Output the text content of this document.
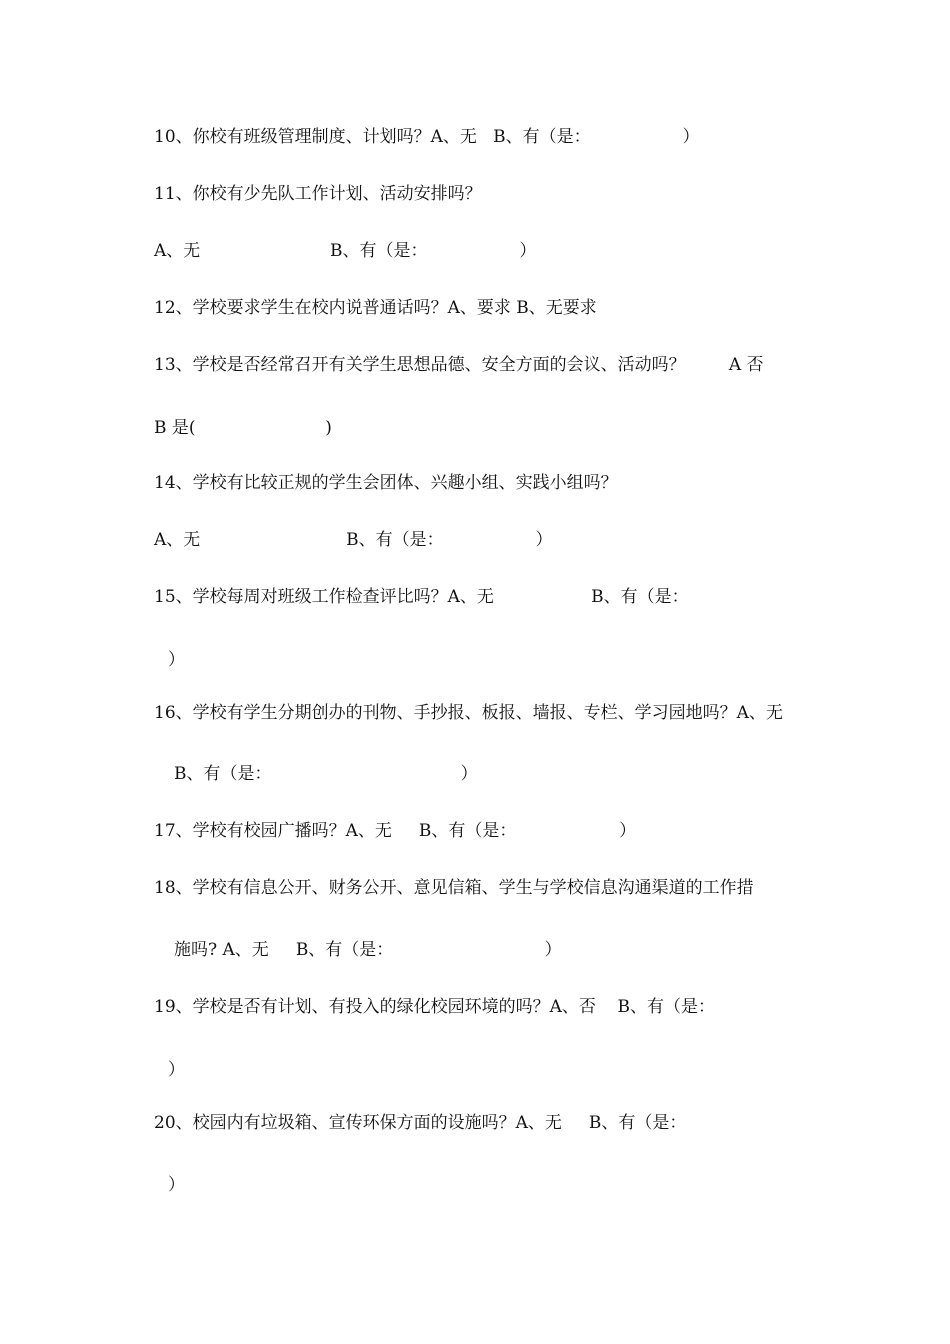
10、你校有班级管理制度、计划吗？A、无   B、有（是：                 ）
11、你校有少先队工作计划、活动安排吗？
A、无                        B、有（是：                 ）
12、学校要求学生在校内说普通话吗？A、要求 B、无要求
13、学校是否经常召开有关学生思想品德、安全方面的会议、活动吗？        A 否
B 是(                        )
14、学校有比较正规的学生会团体、兴趣小组、实践小组吗？
A、无                           B、有（是：                 ）
15、学校每周对班级工作检查评比吗？A、无                  B、有（是：
）
16、学校有学生分期创办的刊物、手抄报、板报、墙报、专栏、学习园地吗？A、无
B、有（是：                                   ）
17、学校有校园广播吗？A、无     B、有（是：                   ）
18、学校有信息公开、财务公开、意见信箱、学生与学校信息沟通渠道的工作措
施吗? A、无     B、有（是：                            ）
19、学校是否有计划、有投入的绿化校园环境的吗？A、否    B、有（是：
）
20、校园内有垃圾箱、宣传环保方面的设施吗？A、无     B、有（是：
）
